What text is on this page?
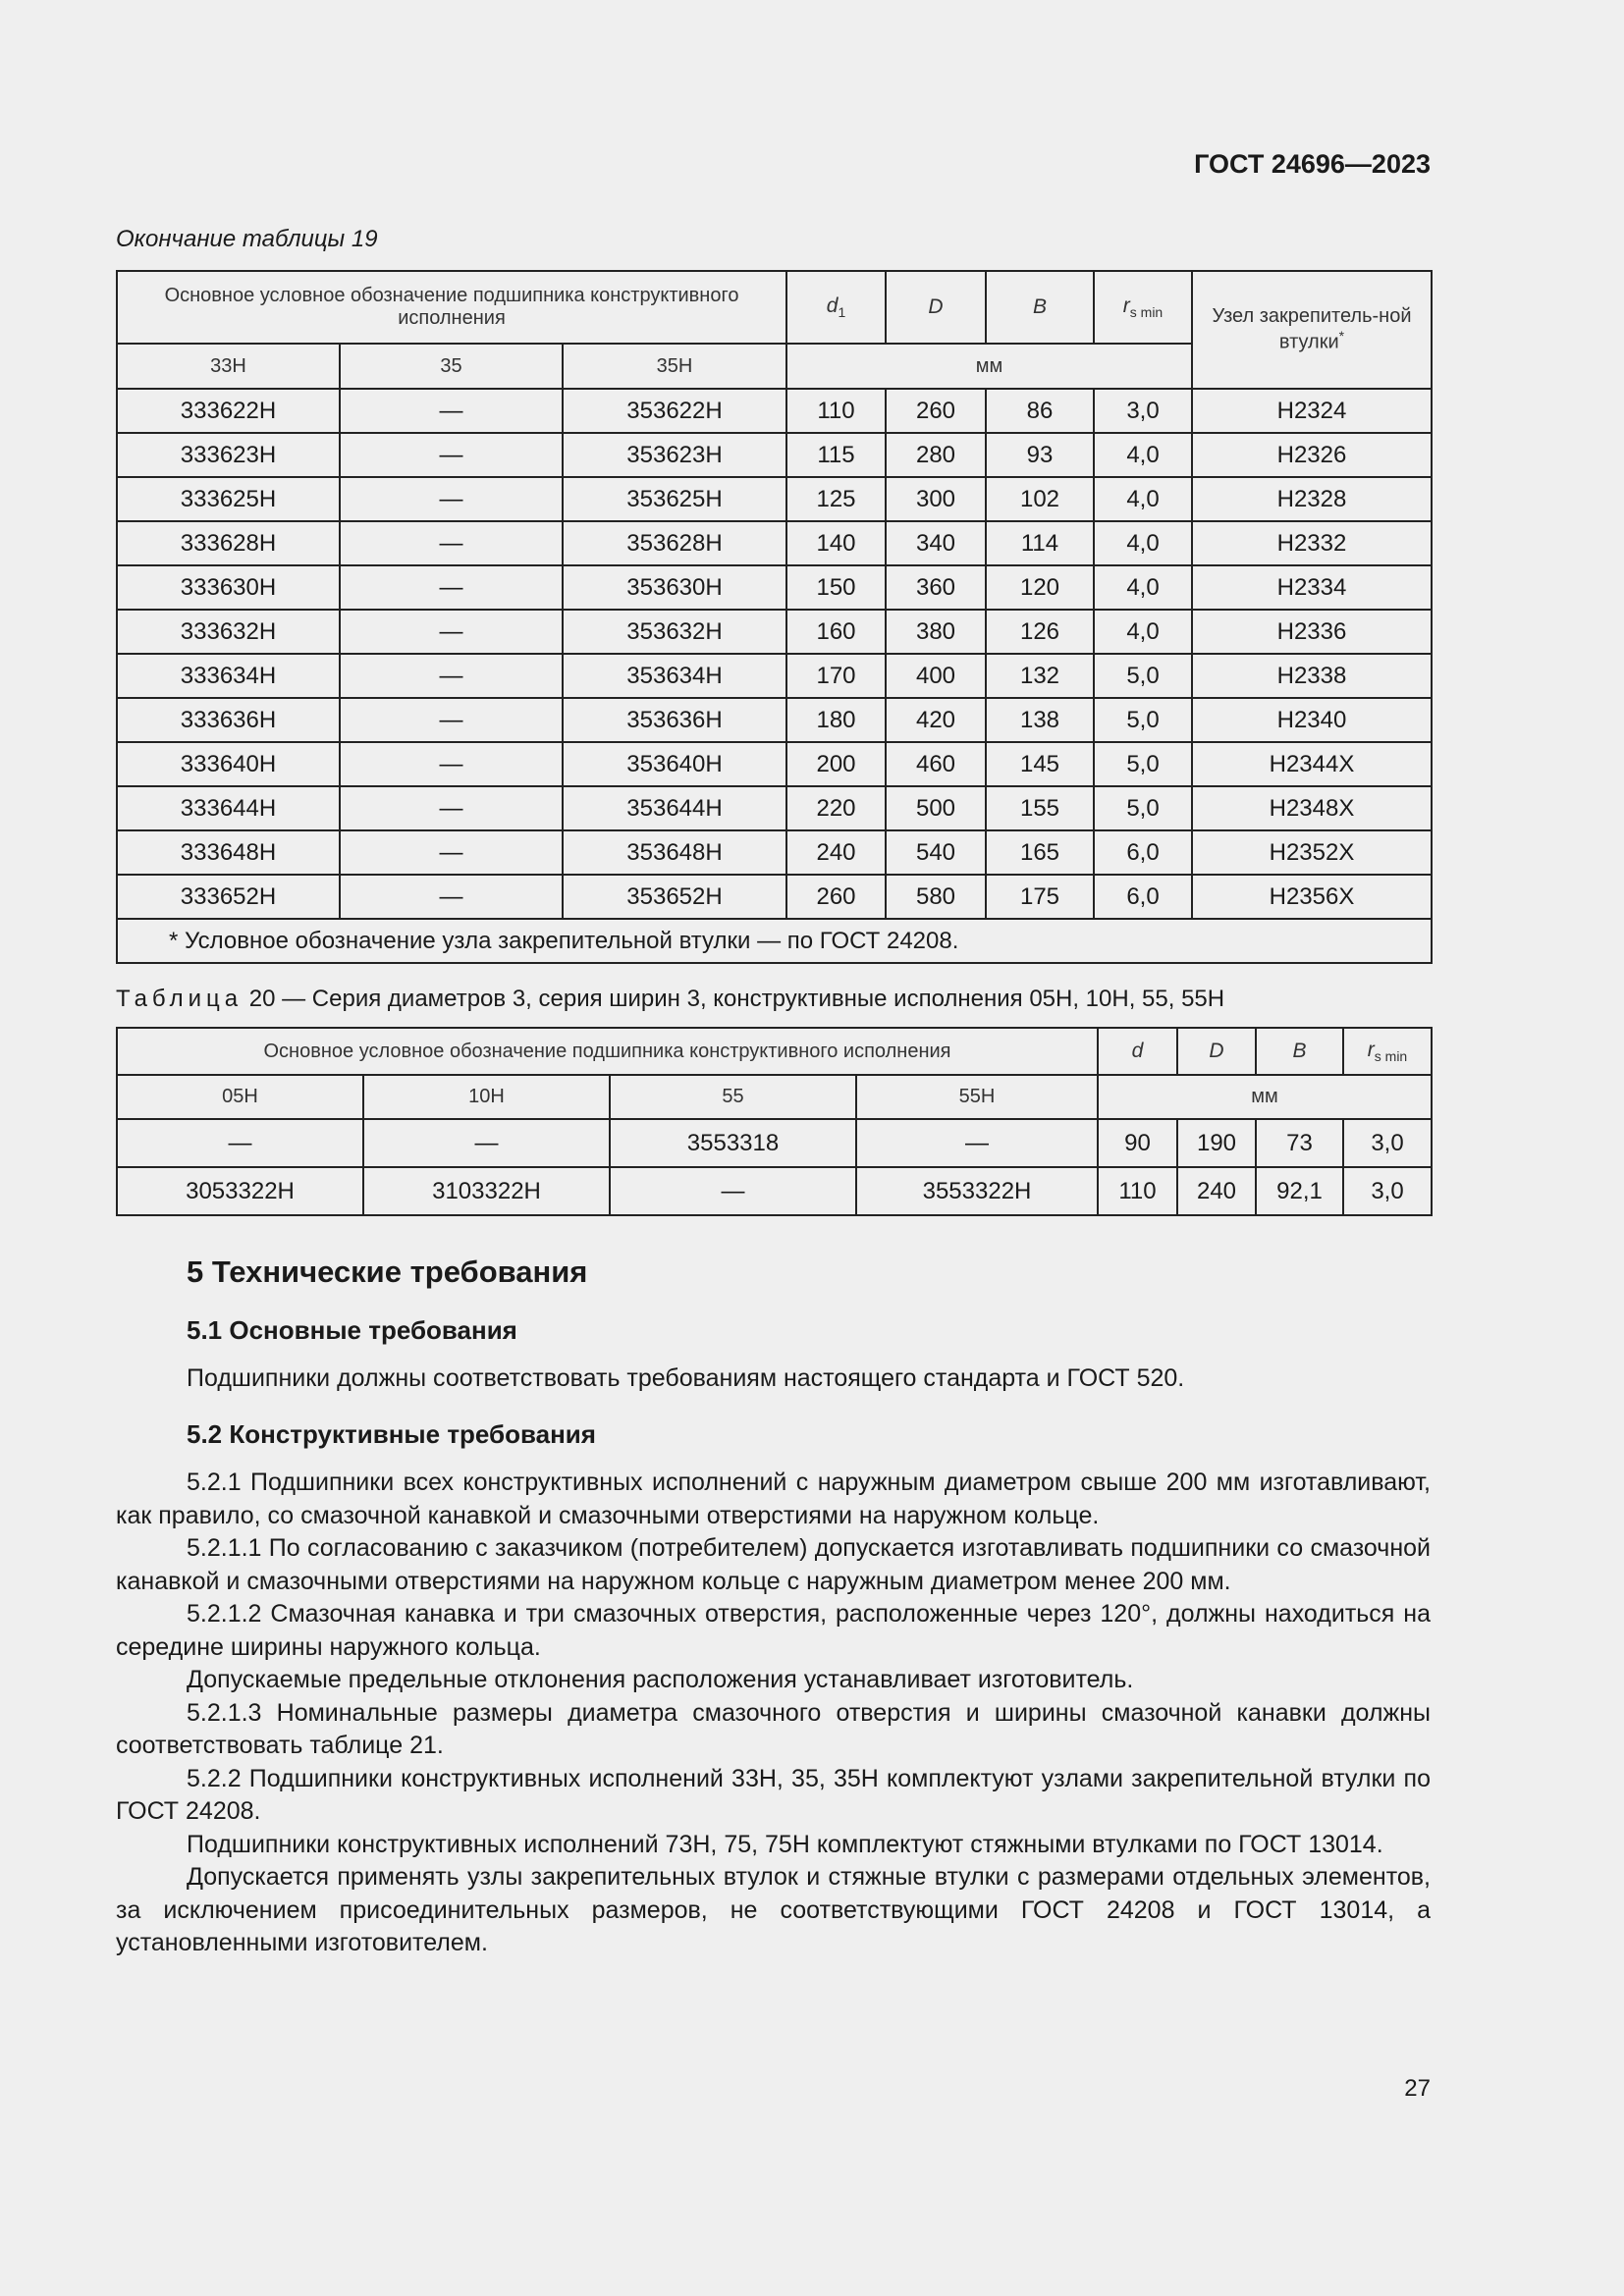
ГОСТ 24696—2023
Окончание таблицы 19
Основное условное обозначение подшипника конструктивного исполнения			$d_1$	D	B	$r_{s min}$	Узел закрепитель-ной втулки*
33H	35	35H	мм				
333622H	—	353622H	110	260	86	3,0	H2324
333623H	—	353623H	115	280	93	4,0	H2326
333625H	—	353625H	125	300	102	4,0	H2328
333628H	—	353628H	140	340	114	4,0	H2332
333630H	—	353630H	150	360	120	4,0	H2334
333632H	—	353632H	160	380	126	4,0	H2336
333634H	—	353634H	170	400	132	5,0	H2338
333636H	—	353636H	180	420	138	5,0	H2340
333640H	—	353640H	200	460	145	5,0	H2344X
333644H	—	353644H	220	500	155	5,0	H2348X
333648H	—	353648H	240	540	165	6,0	H2352X
333652H	—	353652H	260	580	175	6,0	H2356X
* Условное обозначение узла закрепительной втулки — по ГОСТ 24208.							
Таблица 20 — Серия диаметров 3, серия ширин 3, конструктивные исполнения 05H, 10H, 55, 55H
Основное условное обозначение подшипника конструктивного исполнения				d	D	B	$r_{s min}$
05H	10H	55	55H	мм			
—	—	3553318	—	90	190	73	3,0
3053322H	3103322H	—	3553322H	110	240	92,1	3,0
5 Технические требования
5.1 Основные требования
Подшипники должны соответствовать требованиям настоящего стандарта и ГОСТ 520.
5.2 Конструктивные требования

5.2.1 Подшипники всех конструктивных исполнений с наружным диаметром свыше 200 мм изготавливают, как правило, со смазочной канавкой и смазочными отверстиями на наружном кольце.

5.2.1.1 По согласованию с заказчиком (потребителем) допускается изготавливать подшипники со смазочной канавкой и смазочными отверстиями на наружном кольце с наружным диаметром менее 200 мм.

5.2.1.2 Смазочная канавка и три смазочных отверстия, расположенные через 120°, должны находиться на середине ширины наружного кольца.

Допускаемые предельные отклонения расположения устанавливает изготовитель.

5.2.1.3 Номинальные размеры диаметра смазочного отверстия и ширины смазочной канавки должны соответствовать таблице 21.

5.2.2 Подшипники конструктивных исполнений 33H, 35, 35H комплектуют узлами закрепительной втулки по ГОСТ 24208.

Подшипники конструктивных исполнений 73H, 75, 75H комплектуют стяжными втулками по ГОСТ 13014.

Допускается применять узлы закрепительных втулок и стяжные втулки с размерами отдельных элементов, за исключением присоединительных размеров, не соответствующими ГОСТ 24208 и ГОСТ 13014, а установленными изготовителем.

27
